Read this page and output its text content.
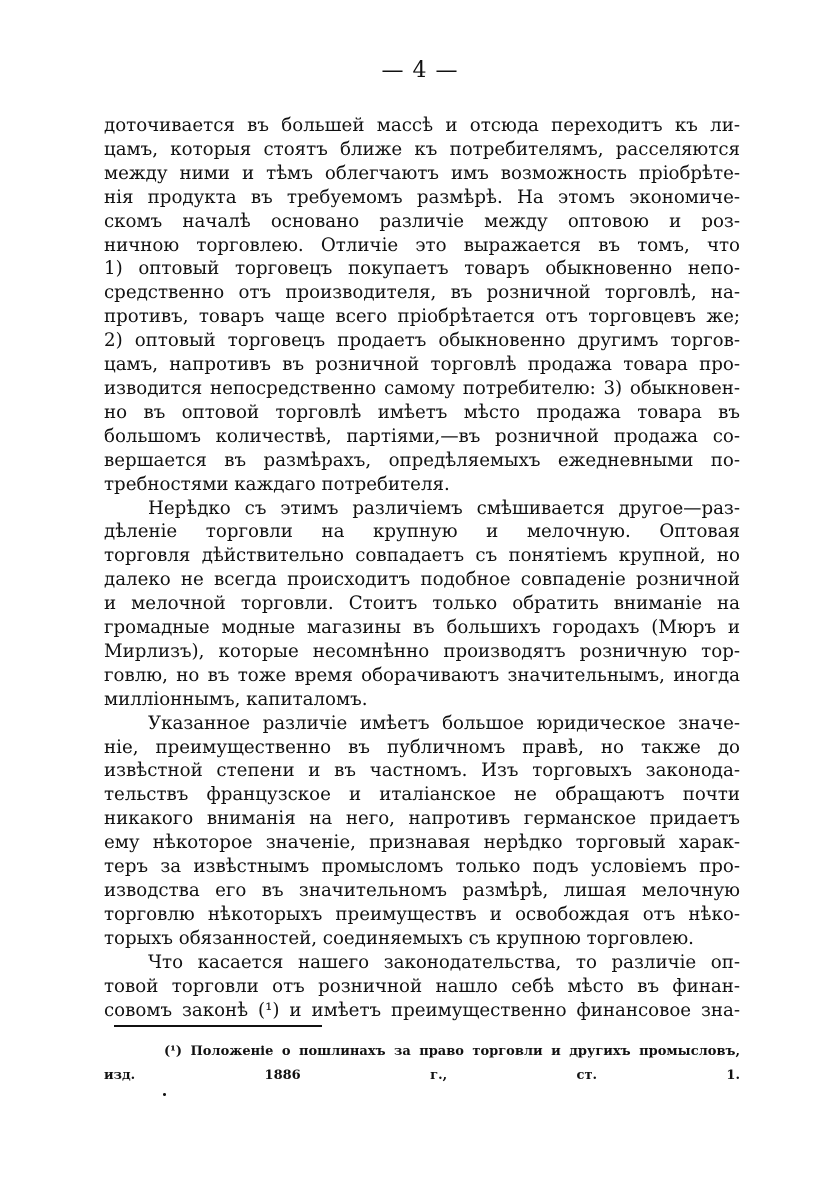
— 4 —
доточивается въ большей массѣ и отсюда переходитъ къ ли-
цамъ, которыя стоятъ ближе къ потребителямъ, расселяются
между ними и тѣмъ облегчаютъ имъ возможность пріобрѣте-
нія продукта въ требуемомъ размѣрѣ. На этомъ экономиче-
скомъ началѣ основано различіе между оптовою и роз-
ничною торговлею. Отличіе это выражается въ томъ, что
1) оптовый торговецъ покупаетъ товаръ обыкновенно непо-
средственно отъ производителя, въ розничной торговлѣ, на-
противъ, товаръ чаще всего пріобрѣтается отъ торговцевъ же;
2) оптовый торговецъ продаетъ обыкновенно другимъ торгов-
цамъ, напротивъ въ розничной торговлѣ продажа товара про-
изводится непосредственно самому потребителю: 3) обыкновен-
но въ оптовой торговлѣ имѣетъ мѣсто продажа товара въ
большомъ количествѣ, партіями,—въ розничной продажа со-
вершается въ размѣрахъ, опредѣляемыхъ ежедневными по-
требностями каждаго потребителя.
Нерѣдко съ этимъ различіемъ смѣшивается другое—раз-
дѣленіе торговли на крупную и мелочную. Оптовая
торговля дѣйствительно совпадаетъ съ понятіемъ крупной, но
далеко не всегда происходитъ подобное совпаденіе розничной
и мелочной торговли. Стоитъ только обратить вниманіе на
громадные модные магазины въ большихъ городахъ (Мюръ и
Мирлизъ), которые несомнѣнно производятъ розничную тор-
говлю, но въ тоже время оборачиваютъ значительнымъ, иногда
милліоннымъ, капиталомъ.
Указанное различіе имѣетъ большое юридическое значе-
ніе, преимущественно въ публичномъ правѣ, но также до
извѣстной степени и въ частномъ. Изъ торговыхъ законода-
тельствъ французское и италіанское не обращаютъ почти
никакого вниманія на него, напротивъ германское придаетъ
ему нѣкоторое значеніе, признавая нерѣдко торговый харак-
теръ за извѣстнымъ промысломъ только подъ условіемъ про-
изводства его въ значительномъ размѣрѣ, лишая мелочную
торговлю нѣкоторыхъ преимуществъ и освобождая отъ нѣко-
торыхъ обязанностей, соединяемыхъ съ крупною торговлею.
Что касается нашего законодательства, то различіе оп-
товой торговли отъ розничной нашло себѣ мѣсто въ финан-
совомъ законѣ (¹) и имѣетъ преимущественно финансовое зна-
(¹) Положеніе о пошлинахъ за право торговли и другихъ промысловъ,
изд. 1886 г., ст. 1.
